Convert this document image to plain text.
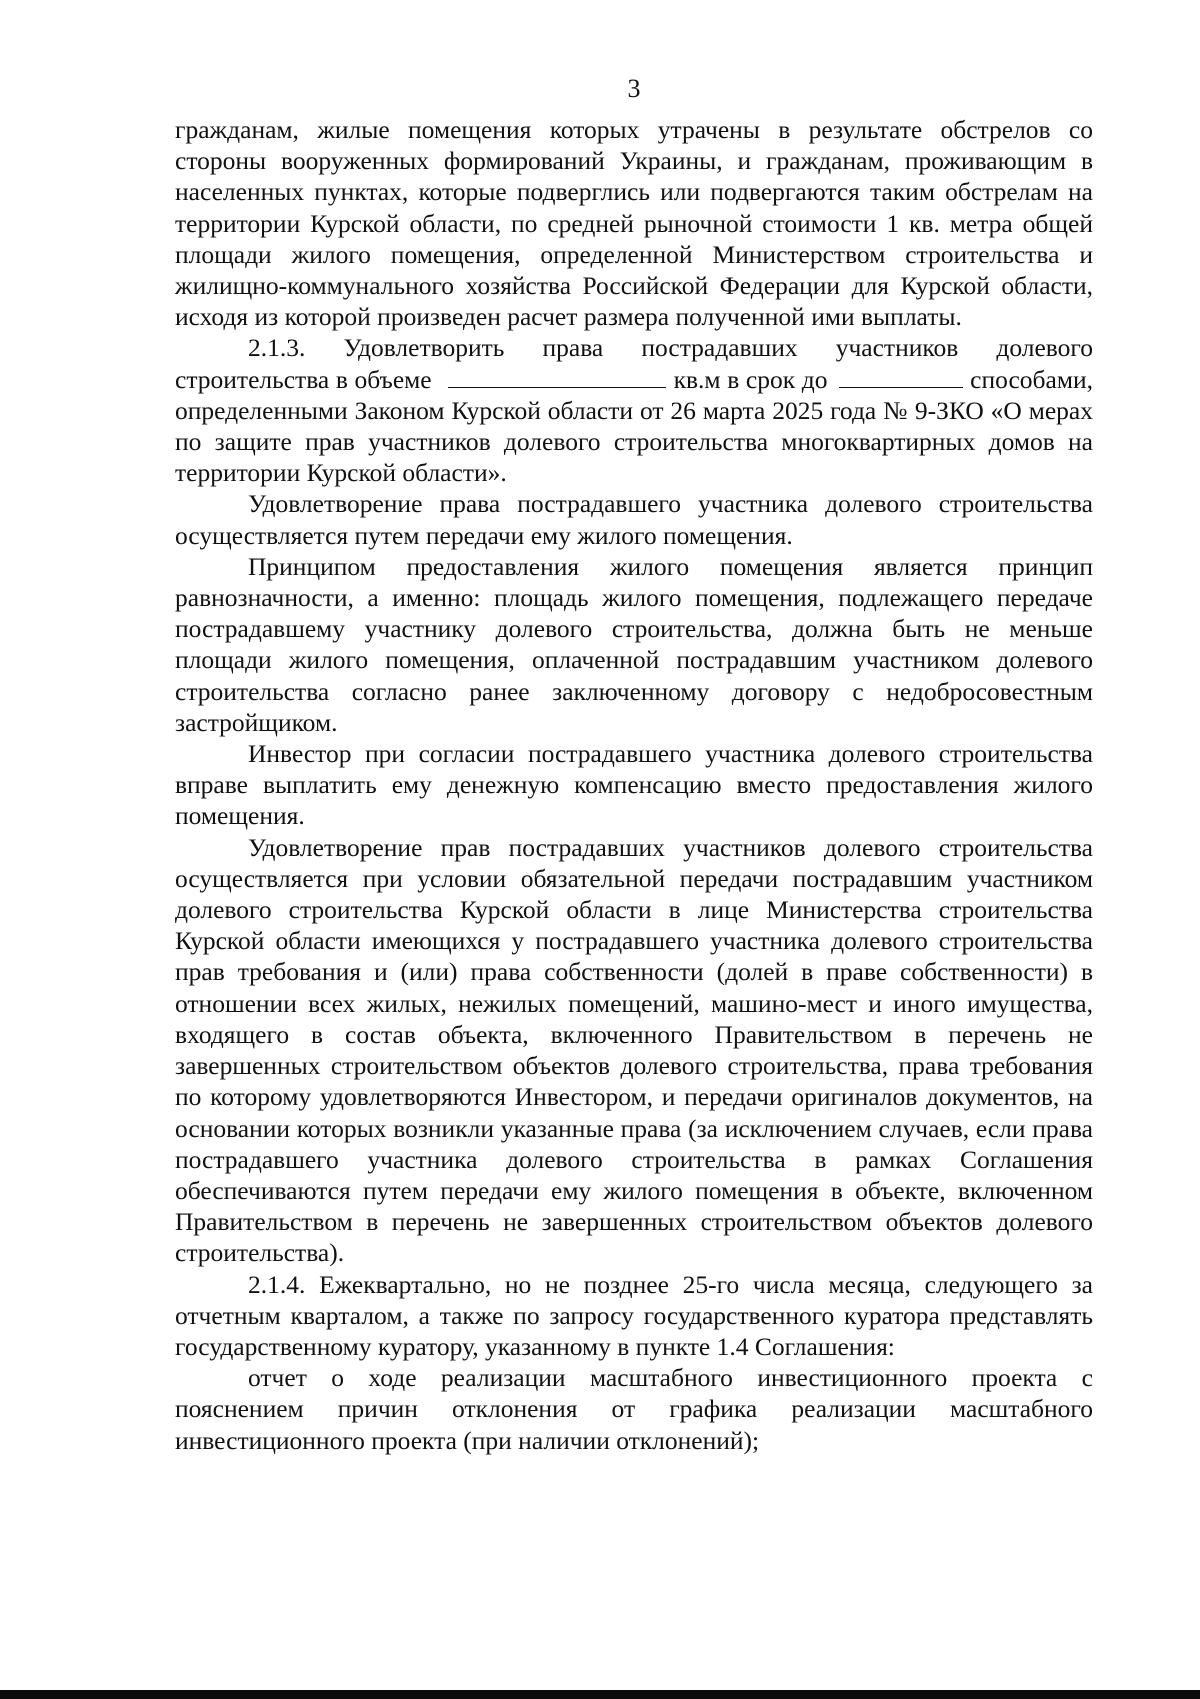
3

гражданам, жилые помещения которых утрачены в результате обстрелов со стороны вооруженных формирований Украины, и гражданам, проживающим в населенных пунктах, которые подверглись или подвергаются таким обстрелам на территории Курской области, по средней рыночной стоимости 1 кв. метра общей площади жилого помещения, определенной Министерством строительства и жилищно-коммунального хозяйства Российской Федерации для Курской области, исходя из которой произведен расчет размера полученной ими выплаты.

2.1.3. Удовлетворить права пострадавших участников долевого строительства в объеме	кв.м в срок до	способами, определенными Законом Курской области от 26 марта 2025 года № 9-ЗКО «О мерах по защите прав участников долевого строительства многоквартирных домов на территории Курской области».

Удовлетворение права пострадавшего участника долевого строительства осуществляется путем передачи ему жилого помещения.

Принципом предоставления жилого помещения является принцип равнозначности, а именно: площадь жилого помещения, подлежащего передаче пострадавшему участнику долевого строительства, должна быть не меньше площади жилого помещения, оплаченной пострадавшим участником долевого строительства согласно ранее заключенному договору с недобросовестным застройщиком.

Инвестор при согласии пострадавшего участника долевого строительства вправе выплатить ему денежную компенсацию вместо предоставления жилого помещения.

Удовлетворение прав пострадавших участников долевого строительства осуществляется при условии обязательной передачи пострадавшим участником долевого строительства Курской области в лице Министерства строительства Курской области имеющихся у пострадавшего участника долевого строительства прав требования и (или) права собственности (долей в праве собственности) в отношении всех жилых, нежилых помещений, машино-мест и иного имущества, входящего в состав объекта, включенного Правительством в перечень не завершенных строительством объектов долевого строительства, права требования по которому удовлетворяются Инвестором, и передачи оригиналов документов, на основании которых возникли указанные права (за исключением случаев, если права пострадавшего участника долевого строительства в рамках Соглашения обеспечиваются путем передачи ему жилого помещения в объекте, включенном Правительством в перечень не завершенных строительством объектов долевого строительства).

2.1.4. Ежеквартально, но не позднее 25-го числа месяца, следующего за отчетным кварталом, а также по запросу государственного куратора представлять государственному куратору, указанному в пункте 1.4 Соглашения:

отчет о ходе реализации масштабного инвестиционного проекта с пояснением причин отклонения от графика реализации масштабного инвестиционного проекта (при наличии отклонений);
